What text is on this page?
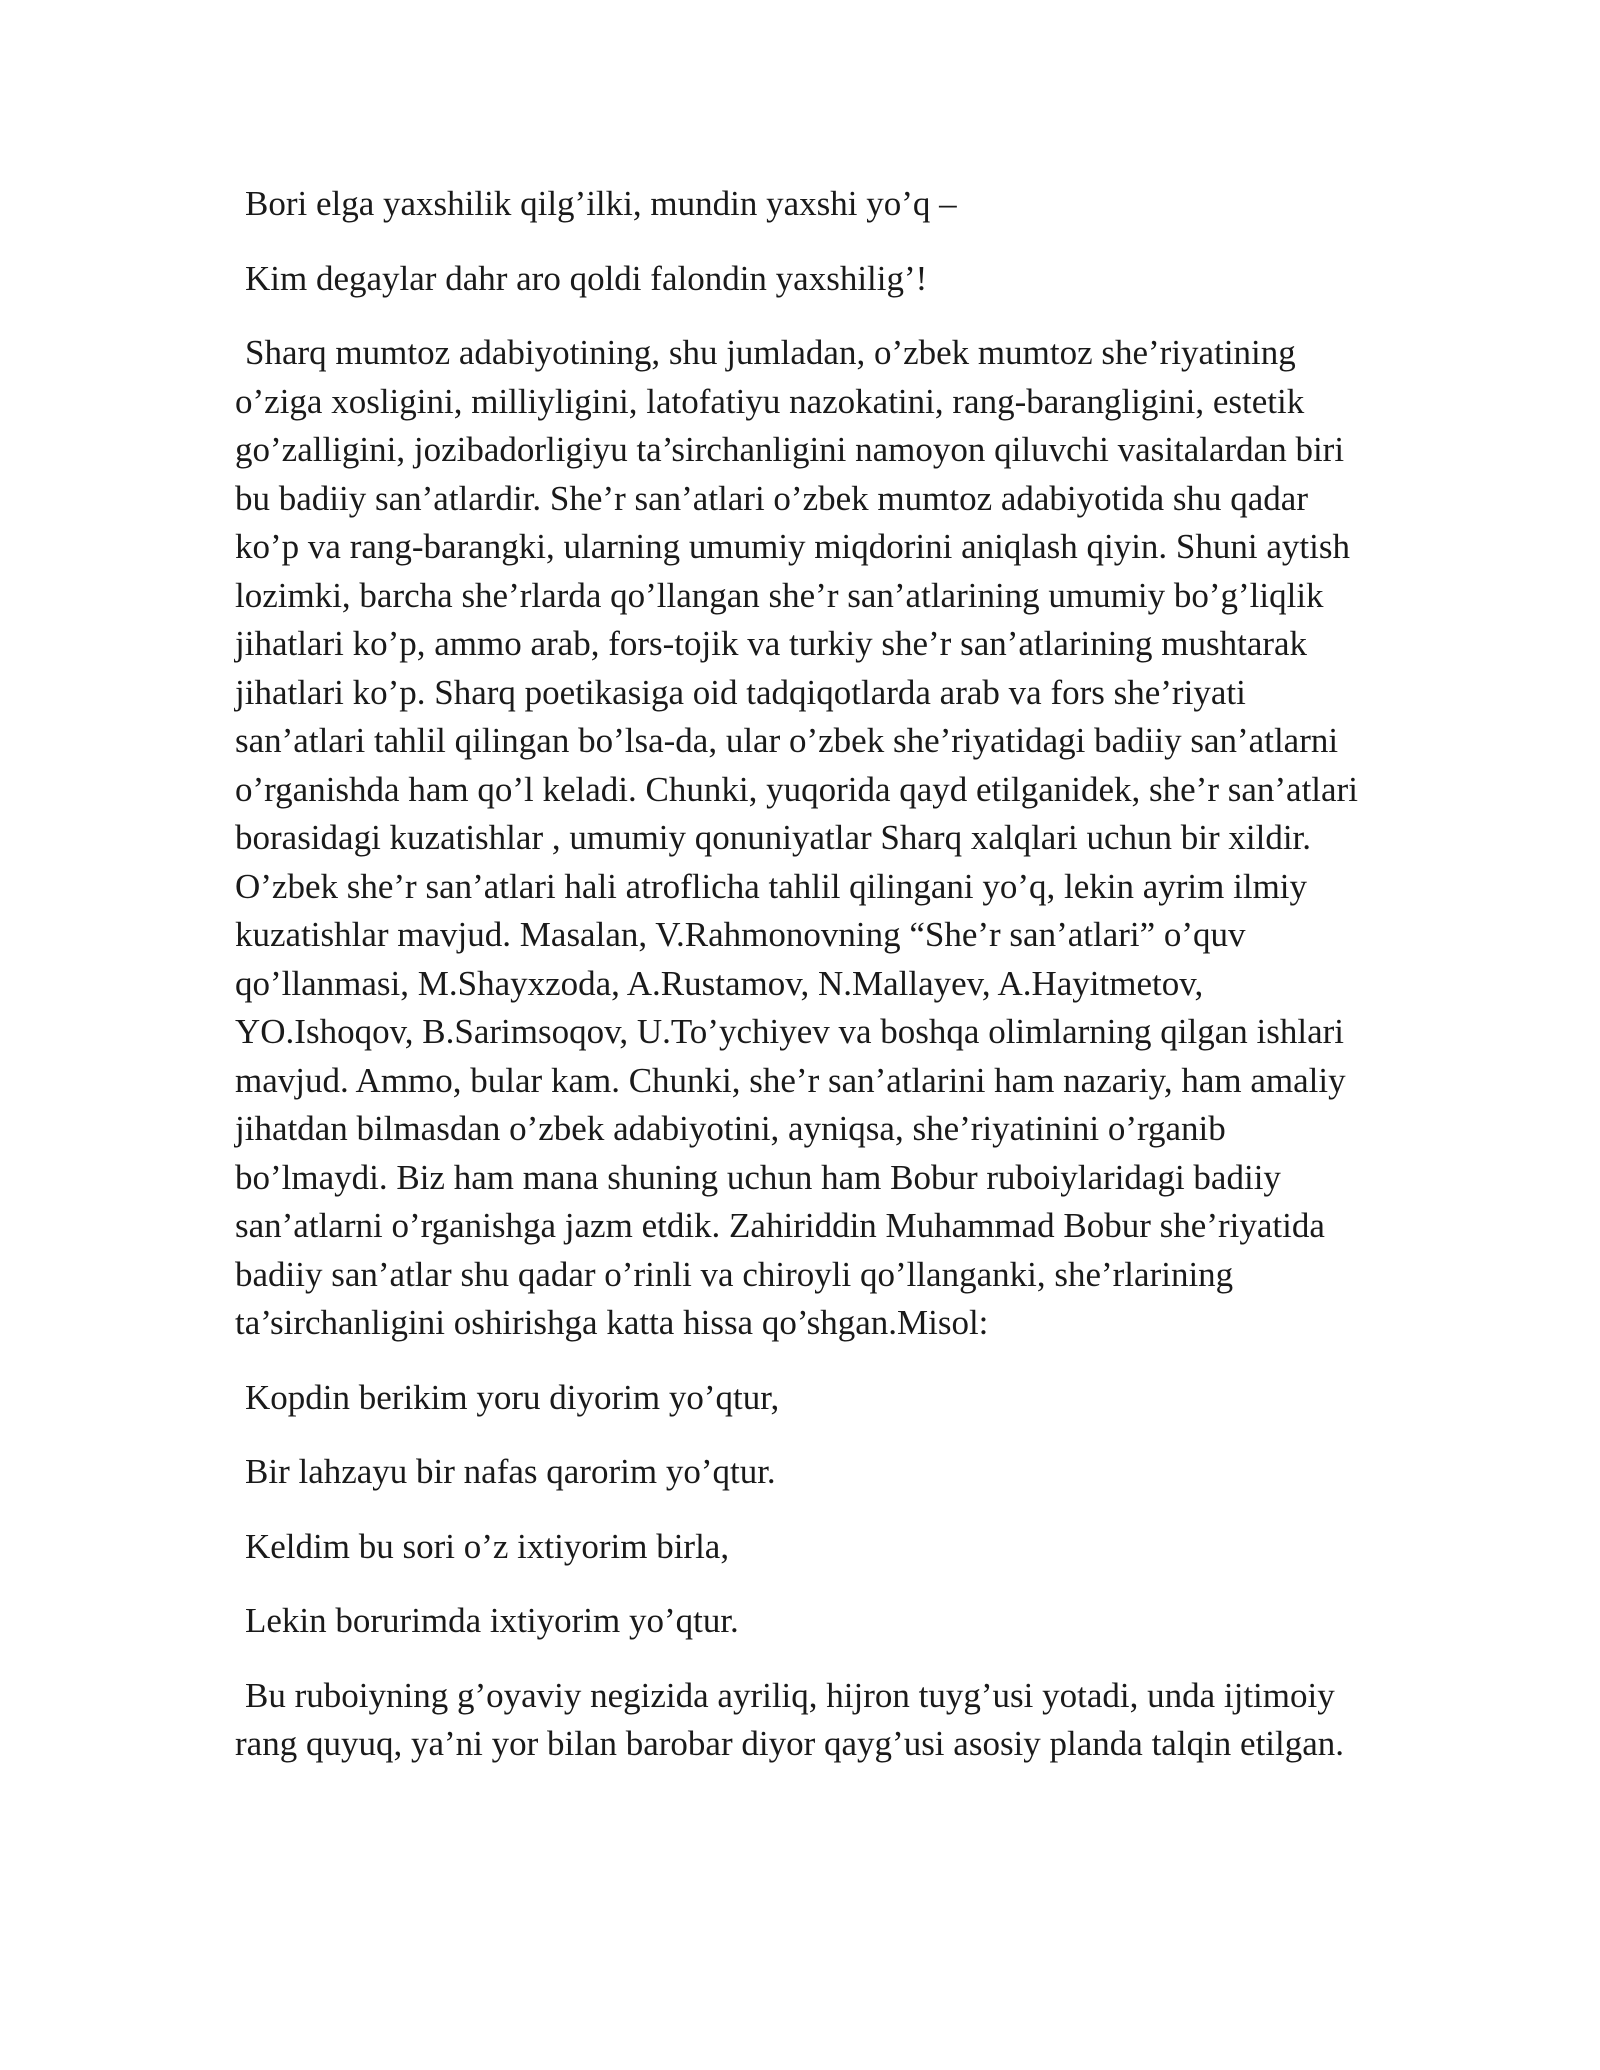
Bori elga yaxshilik qilg’ilki, mundin yaxshi yo’q –

Kim degaylar dahr aro qoldi falondin yaxshilig’!

Sharq mumtoz adabiyotining, shu jumladan, o’zbek mumtoz she’riyatining o’ziga xosligini, milliyligini, latofatiyu nazokatini, rang-barangligini, estetik go’zalligini, jozibadorligiyu ta’sirchanligini namoyon qiluvchi vasitalardan biri bu badiiy san’atlardir. She’r san’atlari o’zbek mumtoz adabiyotida shu qadar ko’p va rang-barangki, ularning umumiy miqdorini aniqlash qiyin. Shuni aytish lozimki, barcha she’rlarda qo’llangan she’r san’atlarining umumiy bo’g’liqlik jihatlari ko’p, ammo arab, fors-tojik va turkiy she’r san’atlarining mushtarak jihatlari ko’p. Sharq poetikasiga oid tadqiqotlarda arab va fors she’riyati san’atlari tahlil qilingan bo’lsa-da, ular o’zbek she’riyatidagi badiiy san’atlarni o’rganishda ham qo’l keladi. Chunki, yuqorida qayd etilganidek, she’r san’atlari borasidagi kuzatishlar , umumiy qonuniyatlar Sharq xalqlari uchun bir xildir. O’zbek she’r san’atlari hali atroflicha tahlil qilingani yo’q, lekin ayrim ilmiy kuzatishlar mavjud. Masalan, V.Rahmonovning “She’r san’atlari” o’quv qo’llanmasi, M.Shayxzoda, A.Rustamov, N.Mallayev, A.Hayitmetov, YO.Ishoqov, B.Sarimsoqov, U.To’ychiyev va boshqa olimlarning qilgan ishlari mavjud. Ammo, bular kam. Chunki, she’r san’atlarini ham nazariy, ham amaliy jihatdan bilmasdan o’zbek adabiyotini, ayniqsa, she’riyatinini o’rganib bo’lmaydi. Biz ham mana shuning uchun ham Bobur ruboiylaridagi badiiy san’atlarni o’rganishga jazm etdik. Zahiriddin Muhammad Bobur she’riyatida badiiy san’atlar shu qadar o’rinli va chiroyli qo’llanganki, she’rlarining ta’sirchanligini oshirishga katta hissa qo’shgan.Misol:

Kopdin berikim yoru diyorim yo’qtur,

Bir lahzayu bir nafas qarorim yo’qtur.

Keldim bu sori o’z ixtiyorim birla,

Lekin borurimda ixtiyorim yo’qtur.

Bu ruboiyning g’oyaviy negizida ayriliq, hijron tuyg’usi yotadi, unda ijtimoiy rang quyuq, ya’ni yor bilan barobar diyor qayg’usi asosiy planda talqin etilgan.
